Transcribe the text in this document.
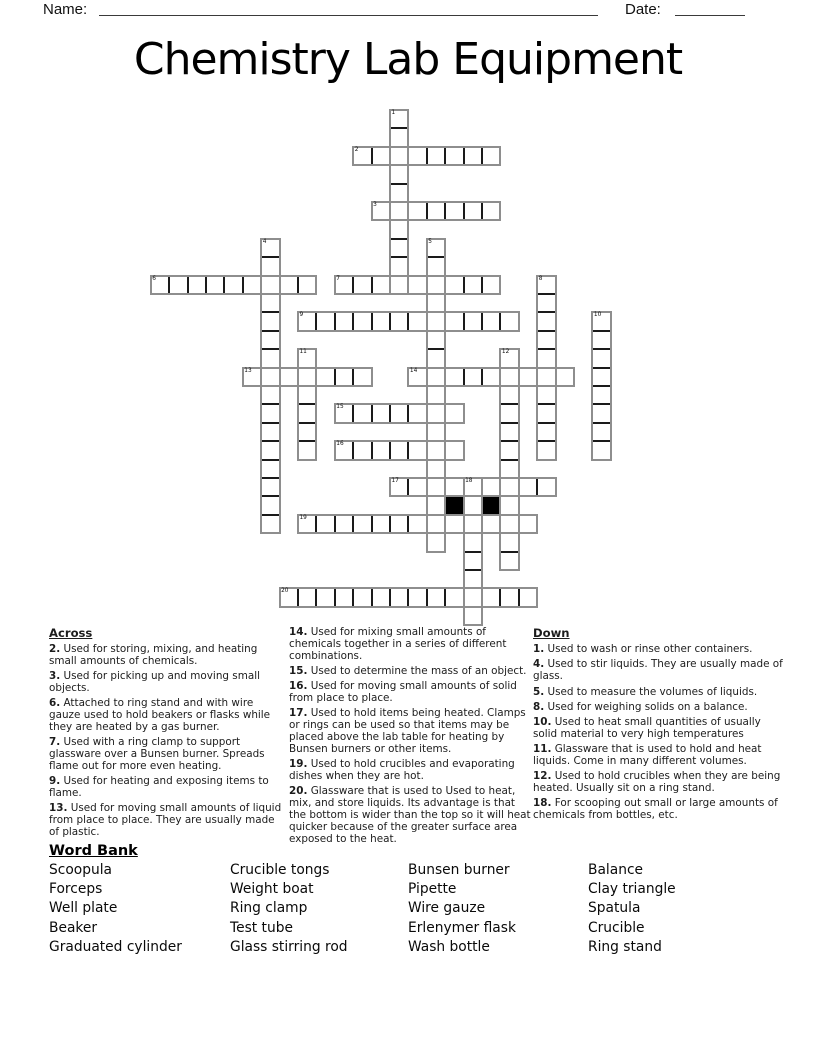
Name:	Date:
Chemistry Lab Equipment
1
2
3
4	5
6	7	8
9	10
11	12
13	14
15
16
17	18
19
20
Across

2. Used for storing, mixing, and heating small amounts of chemicals.

3. Used for picking up and moving small objects.

6. Attached to ring stand and with wire gauze used to hold beakers or flasks while they are heated by a gas burner.

7. Used with a ring clamp to support glassware over a Bunsen burner. Spreads flame out for more even heating.

9. Used for heating and exposing items to flame.

13. Used for moving small amounts of liquid from place to place. They are usually made of plastic.

14. Used for mixing small amounts of chemicals together in a series of different combinations.

15. Used to determine the mass of an object.

16. Used for moving small amounts of solid from place to place.

17. Used to hold items being heated. Clamps or rings can be used so that items may be placed above the lab table for heating by Bunsen burners or other items.

19. Used to hold crucibles and evaporating dishes when they are hot.

20. Glassware that is used to Used to heat, mix, and store liquids. Its advantage is that the bottom is wider than the top so it will heat quicker because of the greater surface area exposed to the heat.

Down

1. Used to wash or rinse other containers.

4. Used to stir liquids. They are usually made of glass.

5. Used to measure the volumes of liquids.

8. Used for weighing solids on a balance.

10. Used to heat small quantities of usually solid material to very high temperatures

11. Glassware that is used to hold and heat liquids. Come in many different volumes.

12. Used to hold crucibles when they are being heated. Usually sit on a ring stand.

18. For scooping out small or large amounts of chemicals from bottles, etc.

Word Bank
Scoopula
Forceps
Well plate
Beaker
Graduated cylinder
Crucible tongs
Weight boat
Ring clamp
Test tube
Glass stirring rod
Bunsen burner
Pipette
Wire gauze
Erlenymer flask
Wash bottle
Balance
Clay triangle
Spatula
Crucible
Ring stand
